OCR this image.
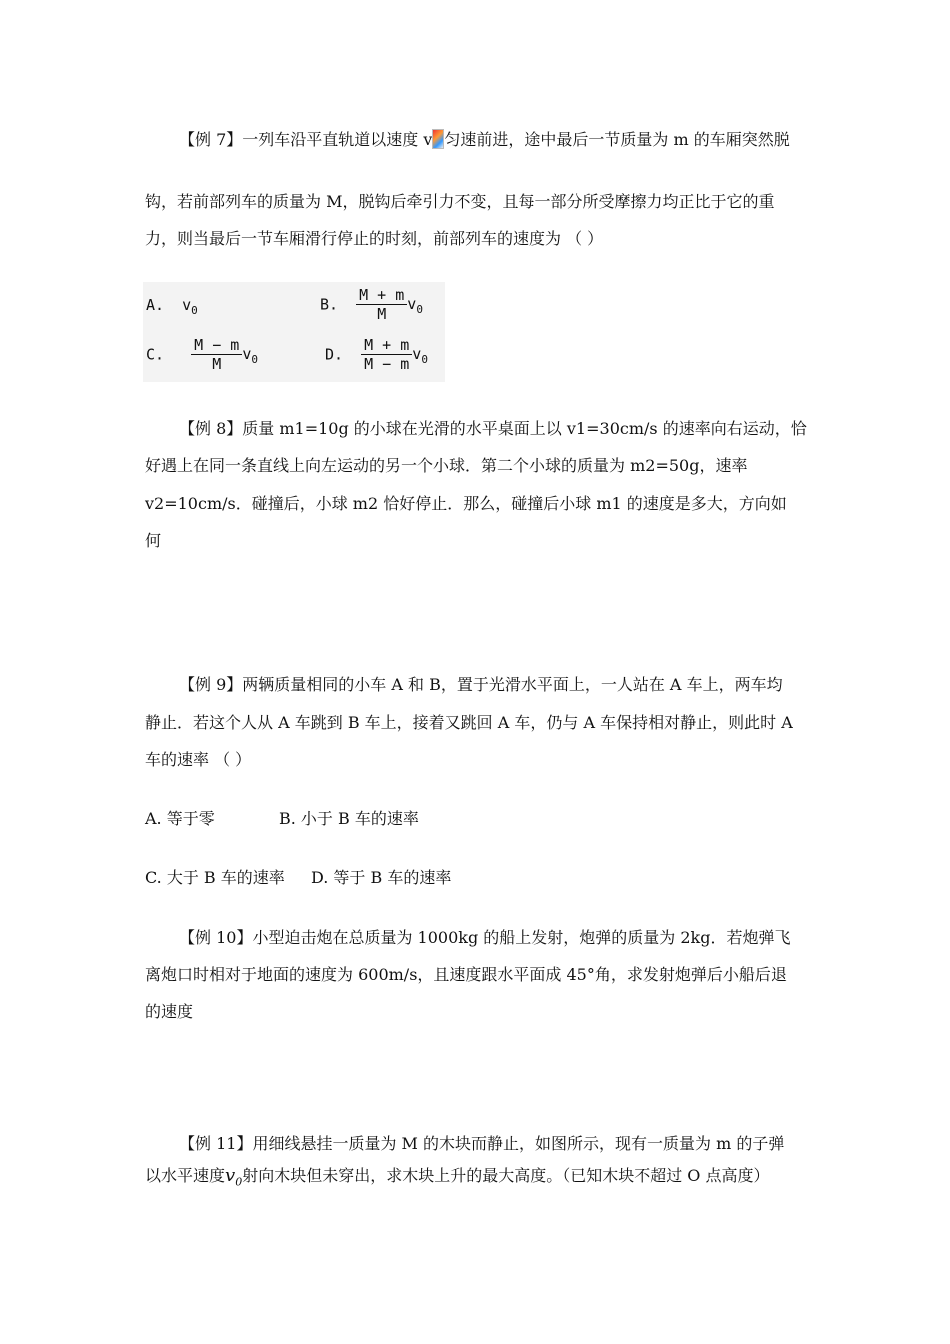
【例 7】一列车沿平直轨道以速度 v 匀速前进，途中最后一节质量为 m 的车厢突然脱
钩，若前部列车的质量为 M，脱钩后牵引力不变，且每一部分所受摩擦力均正比于它的重
力，则当最后一节车厢滑行停止的时刻，前部列车的速度为 （ ）
A. $v_0$	B. $\frac{M + m}{M} v_0$
C. $\frac{M - m}{M} v_0$	D. $\frac{M + m}{M - m} v_0$
【例 8】质量 m1=10g 的小球在光滑的水平桌面上以 v1=30cm/s 的速率向右运动，恰
好遇上在同一条直线上向左运动的另一个小球．第二个小球的质量为 m2=50g，速率
v2=10cm/s．碰撞后，小球 m2 恰好停止．那么，碰撞后小球 m1 的速度是多大，方向如
何
【例 9】两辆质量相同的小车 A 和 B，置于光滑水平面上，一人站在 A 车上，两车均
静止．若这个人从 A 车跳到 B 车上，接着又跳回 A 车，仍与 A 车保持相对静止，则此时 A
车的速率 （ ）
A. 等于零	B. 小于 B 车的速率
C. 大于 B 车的速率 D. 等于 B 车的速率
【例 10】小型迫击炮在总质量为 1000kg 的船上发射，炮弹的质量为 2kg．若炮弹飞
离炮口时相对于地面的速度为 600m/s，且速度跟水平面成 45°角，求发射炮弹后小船后退
的速度
【例 11】用细线悬挂一质量为 M 的木块而静止，如图所示，现有一质量为 m 的子弹
以水平速度$v_0$射向木块但未穿出，求木块上升的最大高度。（已知木块不超过 O 点高度）
